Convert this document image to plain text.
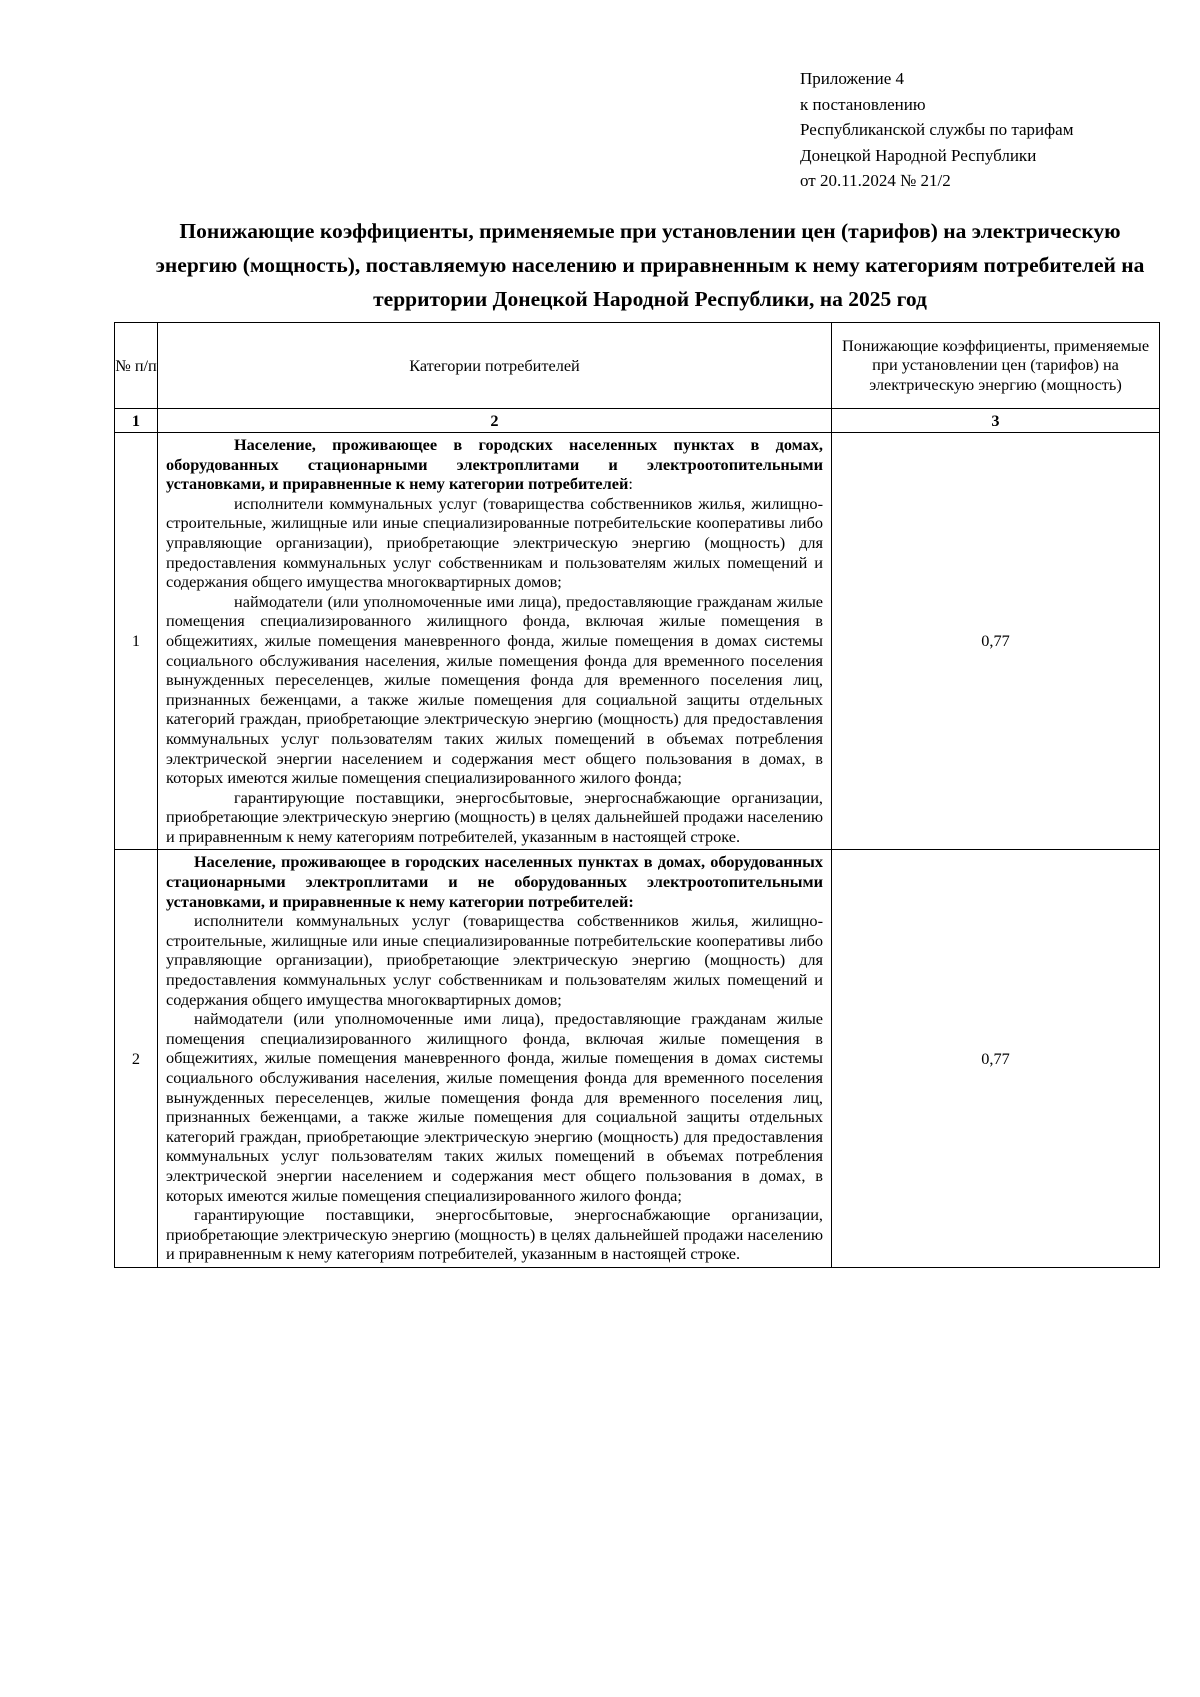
Приложение 4
к постановлению
Республиканской службы по тарифам
Донецкой Народной Республики
от 20.11.2024 № 21/2
Понижающие коэффициенты, применяемые при установлении цен (тарифов) на электрическую энергию (мощность), поставляемую населению и приравненным к нему категориям потребителей на территории Донецкой Народной Республики, на 2025 год
№ п/п	Категории потребителей	Понижающие коэффициенты, применяемые при установлении цен (тарифов) на электрическую энергию (мощность)
1	2	3
1	Население, проживающее в городских населенных пунктах в домах, оборудованных стационарными электроплитами и электроотопительными установками, и приравненные к нему категории потребителей:

исполнители коммунальных услуг (товарищества собственников жилья, жилищно-строительные, жилищные или иные специализированные потребительские кооперативы либо управляющие организации), приобретающие электрическую энергию (мощность) для предоставления коммунальных услуг собственникам и пользователям жилых помещений и содержания общего имущества многоквартирных домов;

наймодатели (или уполномоченные ими лица), предоставляющие гражданам жилые помещения специализированного жилищного фонда, включая жилые помещения в общежитиях, жилые помещения маневренного фонда, жилые помещения в домах системы социального обслуживания населения, жилые помещения фонда для временного поселения вынужденных переселенцев, жилые помещения фонда для временного поселения лиц, признанных беженцами, а также жилые помещения для социальной защиты отдельных категорий граждан, приобретающие электрическую энергию (мощность) для предоставления коммунальных услуг пользователям таких жилых помещений в объемах потребления электрической энергии населением и содержания мест общего пользования в домах, в которых имеются жилые помещения специализированного жилого фонда;

гарантирующие поставщики, энергосбытовые, энергоснабжающие организации, приобретающие электрическую энергию (мощность) в целях дальнейшей продажи населению и приравненным к нему категориям потребителей, указанным в настоящей строке.	0,77
2	Население, проживающее в городских населенных пунктах в домах, оборудованных стационарными электроплитами и не оборудованных электроотопительными установками, и приравненные к нему категории потребителей:

исполнители коммунальных услуг (товарищества собственников жилья, жилищно-строительные, жилищные или иные специализированные потребительские кооперативы либо управляющие организации), приобретающие электрическую энергию (мощность) для предоставления коммунальных услуг собственникам и пользователям жилых помещений и содержания общего имущества многоквартирных домов;

наймодатели (или уполномоченные ими лица), предоставляющие гражданам жилые помещения специализированного жилищного фонда, включая жилые помещения в общежитиях, жилые помещения маневренного фонда, жилые помещения в домах системы социального обслуживания населения, жилые помещения фонда для временного поселения вынужденных переселенцев, жилые помещения фонда для временного поселения лиц, признанных беженцами, а также жилые помещения для социальной защиты отдельных категорий граждан, приобретающие электрическую энергию (мощность) для предоставления коммунальных услуг пользователям таких жилых помещений в объемах потребления электрической энергии населением и содержания мест общего пользования в домах, в которых имеются жилые помещения специализированного жилого фонда;

гарантирующие поставщики, энергосбытовые, энергоснабжающие организации, приобретающие электрическую энергию (мощность) в целях дальнейшей продажи населению и приравненным к нему категориям потребителей, указанным в настоящей строке.	0,77
